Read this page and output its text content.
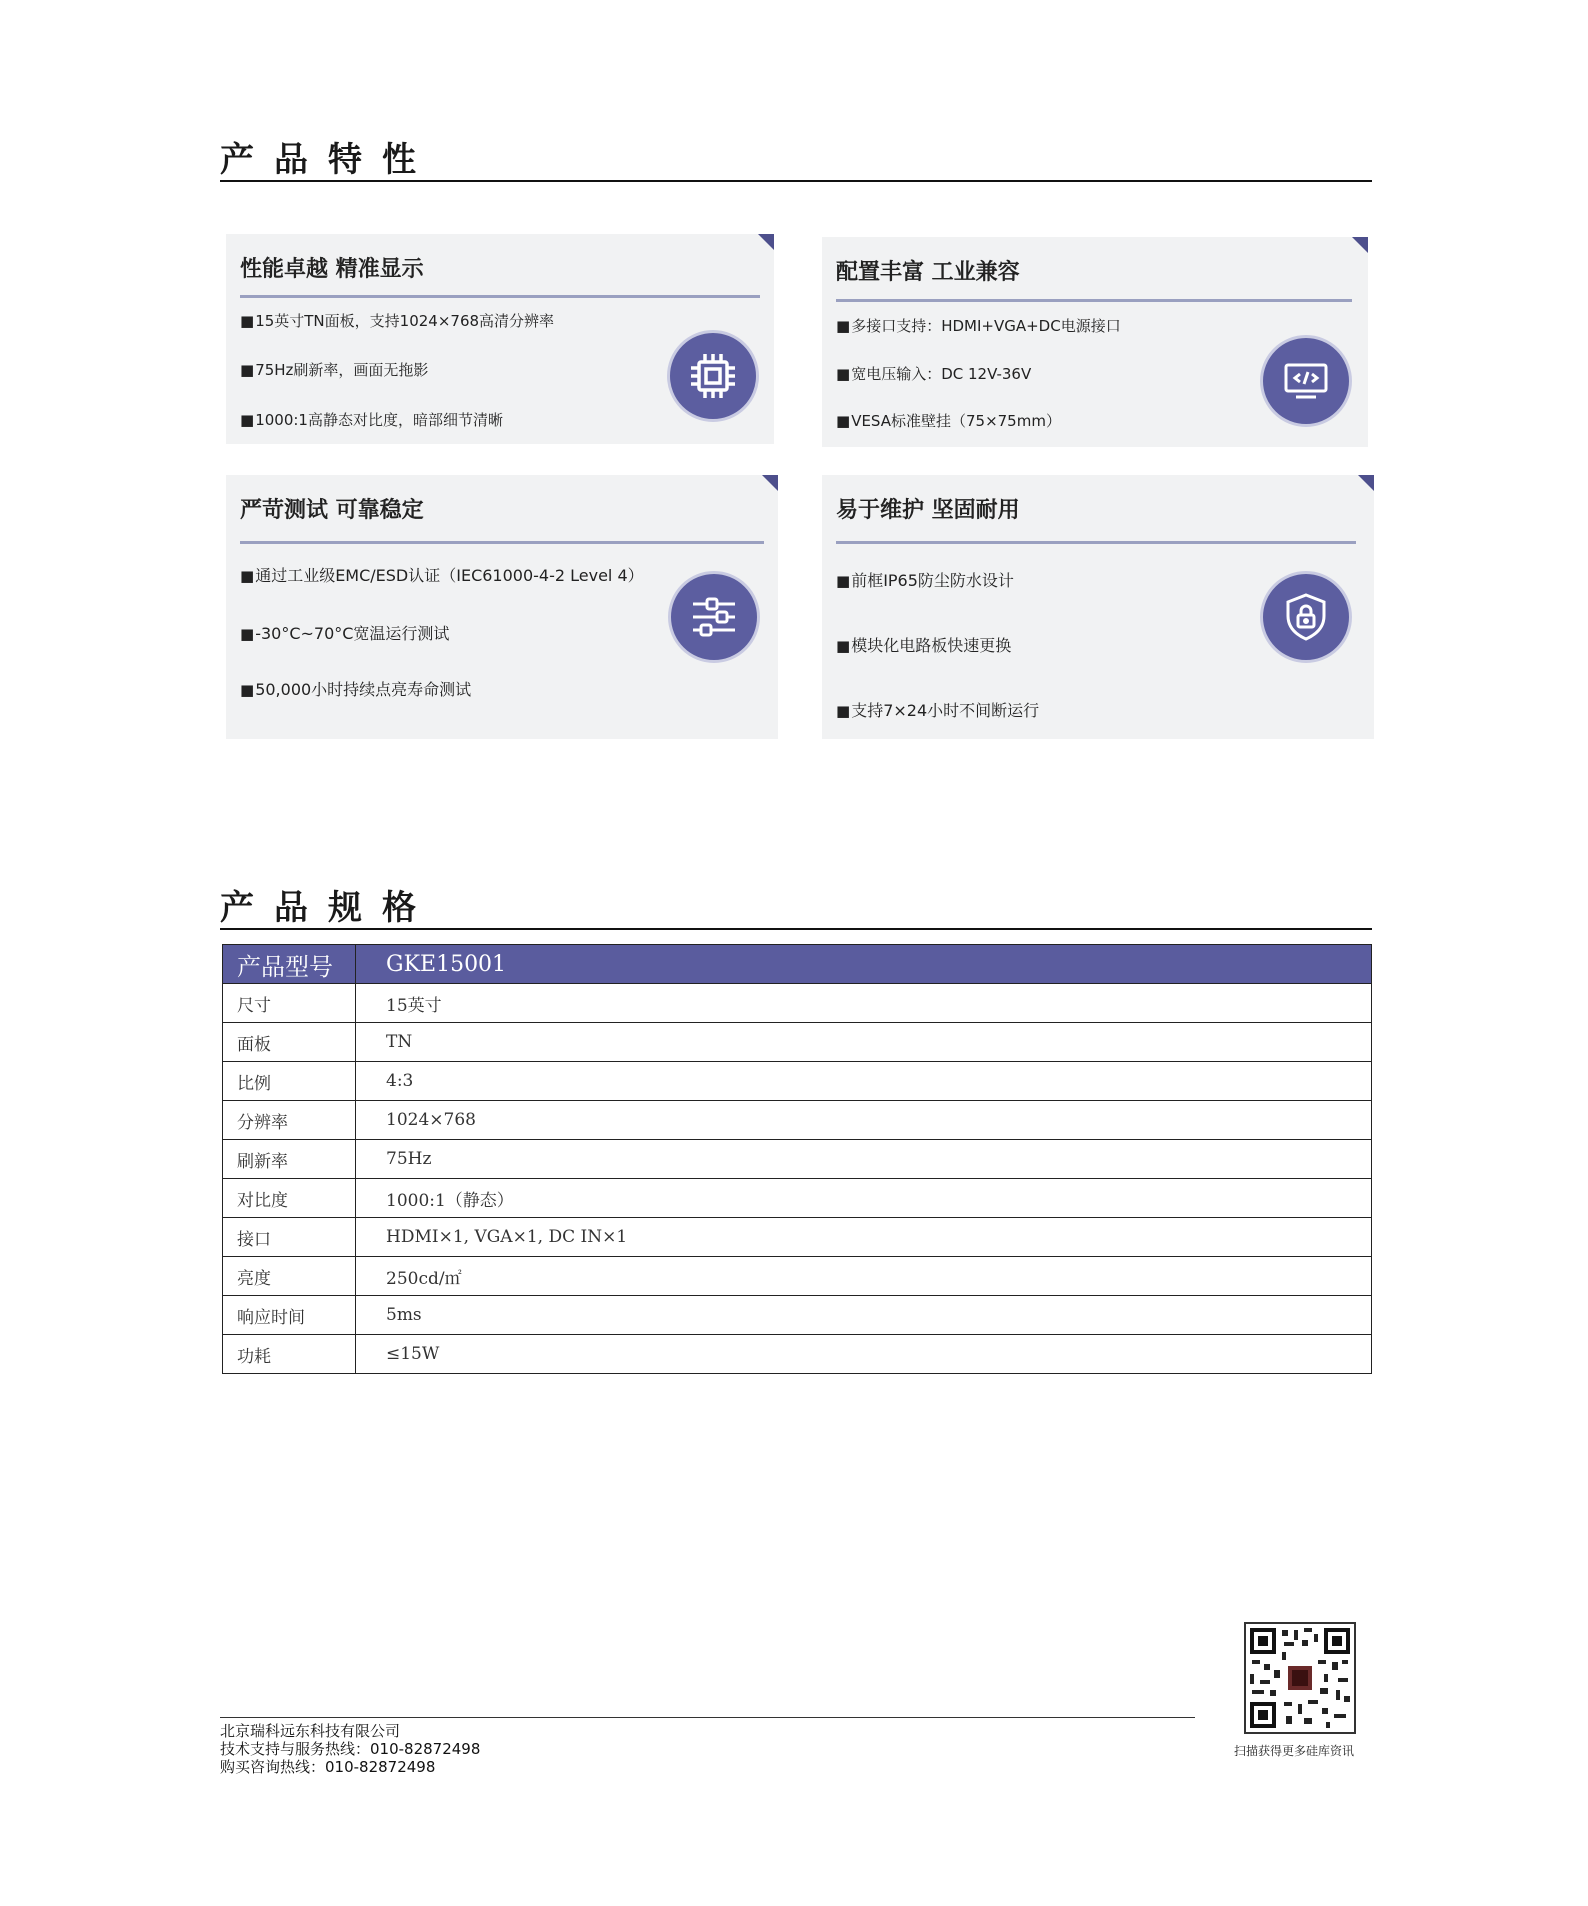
产品特性
性能卓越 精准显示
■ 15英寸TN面板，支持1024×768高清分辨率
■ 75Hz刷新率，画面无拖影
■ 1000:1高静态对比度，暗部细节清晰
配置丰富 工业兼容
■ 多接口支持：HDMI+VGA+DC电源接口
■ 宽电压输入：DC 12V-36V
■ VESA标准壁挂（75×75mm）
严苛测试 可靠稳定
■ 通过工业级EMC/ESD认证（IEC61000-4-2 Level 4）
■ -30°C~70°C宽温运行测试
■ 50,000小时持续点亮寿命测试
易于维护 坚固耐用
■ 前框IP65防尘防水设计
■ 模块化电路板快速更换
■ 支持7×24小时不间断运行
产品规格
产品型号	GKE15001
尺寸	15英寸
面板	TN
比例	4:3
分辨率	1024×768
刷新率	75Hz
对比度	1000:1（静态）
接口	HDMI×1, VGA×1, DC IN×1
亮度	250cd/㎡
响应时间	5ms
功耗	≤15W
北京瑞科远东科技有限公司
技术支持与服务热线：010-82872498
购买咨询热线：010-82872498
扫描获得更多硅库资讯
